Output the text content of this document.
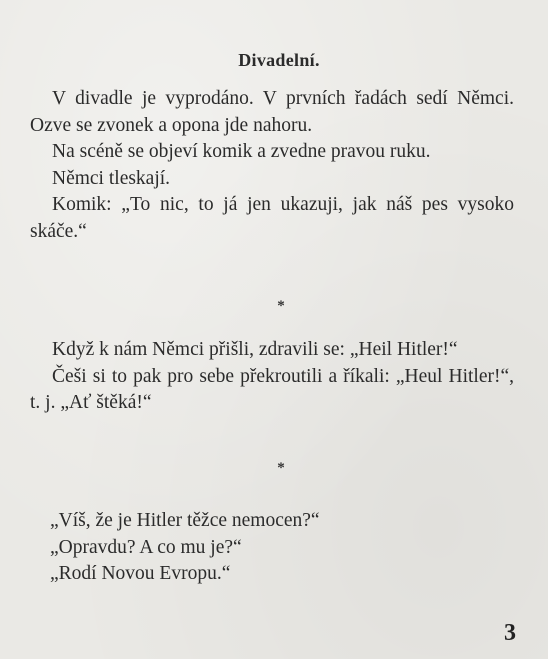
Divadelní.

V divadle je vyprodáno. V prvních řadách sedí Němci. Ozve se zvonek a opona jde nahoru.

Na scéně se objeví komik a zvedne pravou ruku.

Němci tleskají.

Komik: „To nic, to já jen ukazuji, jak náš pes vysoko skáče.“

*

Když k nám Němci přišli, zdravili se: „Heil Hitler!“

Češi si to pak pro sebe překroutili a říkali: „Heul Hitler!“, t. j. „Ať štěká!“

*

„Víš, že je Hitler těžce nemocen?“

„Opravdu? A co mu je?“

„Rodí Novou Evropu.“

3
